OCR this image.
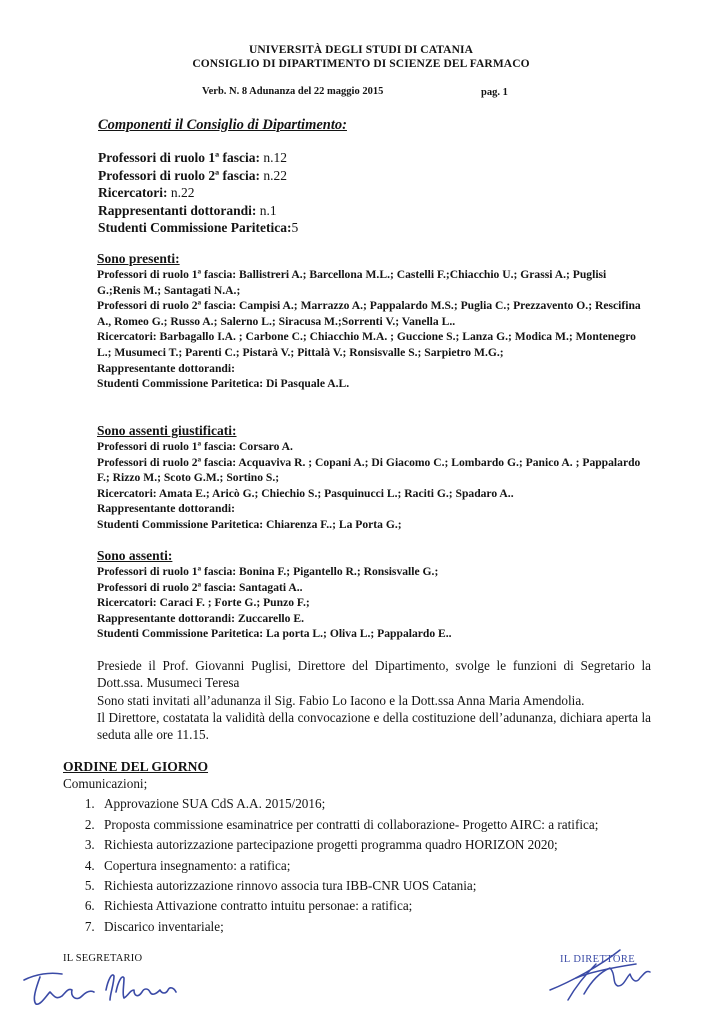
UNIVERSITÀ DEGLI STUDI DI CATANIA
CONSIGLIO DI DIPARTIMENTO DI SCIENZE DEL FARMACO
Verb. N. 8 Adunanza del 22 maggio 2015	pag. 1
Componenti il Consiglio di Dipartimento:
Professori di ruolo 1ª fascia: n.12
Professori di ruolo 2ª fascia: n.22
Ricercatori: n.22
Rappresentanti dottorandi: n.1
Studenti Commissione Paritetica:5
Sono presenti:
Professori di ruolo 1ª fascia: Ballistreri A.; Barcellona M.L.; Castelli F.;Chiacchio U.; Grassi A.; Puglisi G.;Renis M.; Santagati N.A.;
Professori di ruolo 2ª fascia: Campisi A.; Marrazzo A.; Pappalardo M.S.; Puglia C.; Prezzavento O.; Rescifina A., Romeo G.; Russo A.; Salerno L.; Siracusa M.;Sorrenti V.; Vanella L..
Ricercatori: Barbagallo I.A. ; Carbone C.; Chiacchio M.A. ; Guccione S.; Lanza G.; Modica M.; Montenegro L.; Musumeci T.; Parenti C.; Pistarà V.; Pittalà V.; Ronsisvalle S.; Sarpietro M.G.;
Rappresentante dottorandi:
Studenti Commissione Paritetica: Di Pasquale A.L.
Sono assenti giustificati:
Professori di ruolo 1ª fascia: Corsaro A.
Professori di ruolo 2ª fascia: Acquaviva R. ; Copani A.; Di Giacomo C.; Lombardo G.; Panico A. ; Pappalardo F.; Rizzo M.; Scoto G.M.; Sortino S.;
Ricercatori: Amata E.; Aricò G.; Chiechio S.; Pasquinucci L.; Raciti G.; Spadaro A..
Rappresentante dottorandi:
Studenti Commissione Paritetica: Chiarenza F..; La Porta G.;
Sono assenti:
Professori di ruolo 1ª fascia: Bonina F.; Pigantello R.; Ronsisvalle G.;
Professori di ruolo 2ª fascia: Santagati A..
Ricercatori: Caraci F. ; Forte G.; Punzo F.;
Rappresentante dottorandi: Zuccarello E.
Studenti Commissione Paritetica: La porta L.; Oliva L.; Pappalardo E..
Presiede il Prof. Giovanni Puglisi, Direttore del Dipartimento, svolge le funzioni di Segretario la Dott.ssa. Musumeci Teresa
Sono stati invitati all’adunanza il Sig. Fabio Lo Iacono e la Dott.ssa Anna Maria Amendolia.
Il Direttore, costatata la validità della convocazione e della costituzione dell’adunanza, dichiara aperta la seduta alle ore 11.15.
ORDINE DEL GIORNO
Comunicazioni;
1. Approvazione SUA CdS A.A. 2015/2016;
2. Proposta commissione esaminatrice per contratti di collaborazione- Progetto AIRC: a ratifica;
3. Richiesta autorizzazione partecipazione progetti programma quadro HORIZON 2020;
4. Copertura insegnamento: a ratifica;
5. Richiesta autorizzazione rinnovo associa tura IBB-CNR UOS Catania;
6. Richiesta Attivazione contratto intuitu personae: a ratifica;
7. Discarico inventariale;
IL SEGRETARIO	IL DIRETTORE
